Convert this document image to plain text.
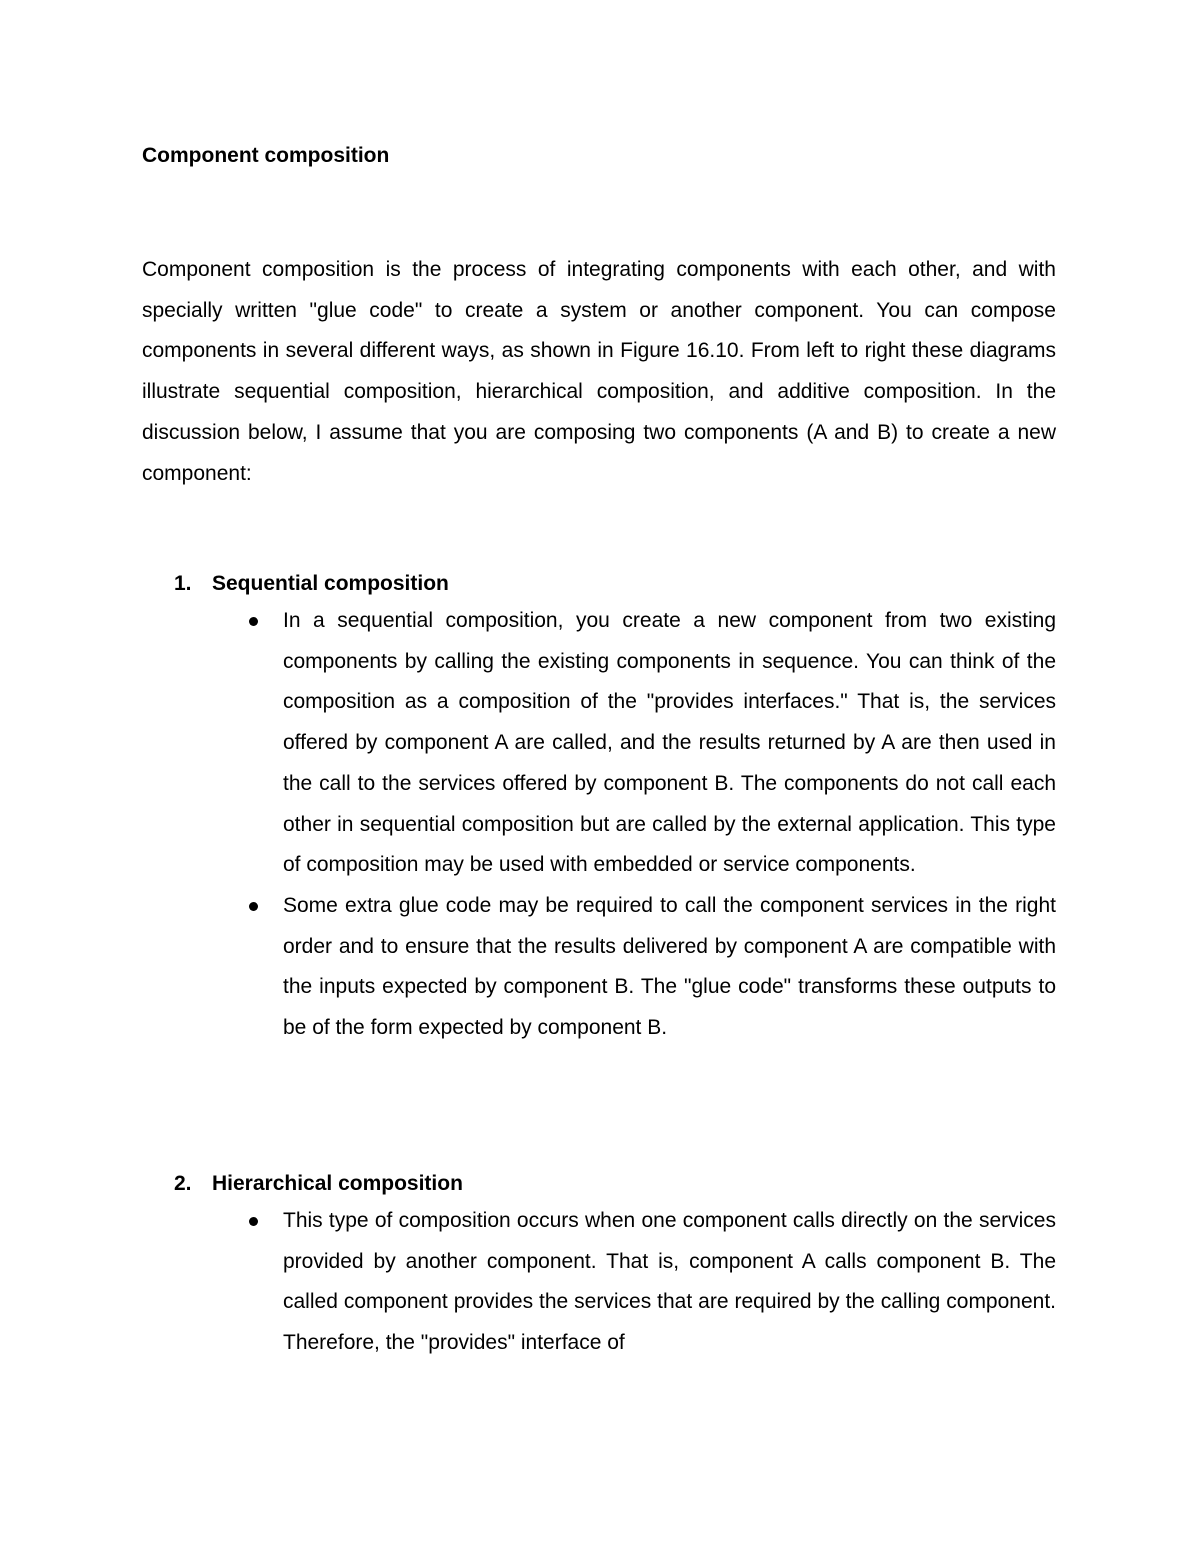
Component composition

Component composition is the process of integrating components with each other, and with specially written "glue code" to create a system or another component. You can compose components in several different ways, as shown in Figure 16.10. From left to right these diagrams illustrate sequential composition, hierarchical composition, and additive composition. In the discussion below, I assume that you are composing two components (A and B) to create a new component:

1. Sequential composition
In a sequential composition, you create a new component from two existing components by calling the existing components in sequence. You can think of the composition as a composition of the "provides interfaces." That is, the services offered by component A are called, and the results returned by A are then used in the call to the services offered by component B. The components do not call each other in sequential composition but are called by the external application. This type of composition may be used with embedded or service components.
Some extra glue code may be required to call the component services in the right order and to ensure that the results delivered by component A are compatible with the inputs expected by component B. The "glue code" transforms these outputs to be of the form expected by component B.
2. Hierarchical composition
This type of composition occurs when one component calls directly on the services provided by another component. That is, component A calls component B. The called component provides the services that are required by the calling component. Therefore, the "provides" interface of
